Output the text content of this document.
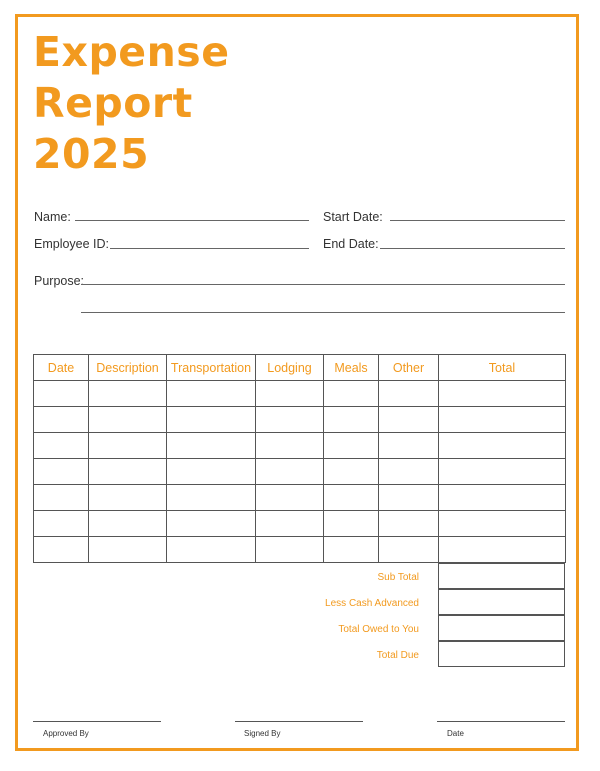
Expense
Report
2025
Name:	Start Date:
Employee ID:	End Date:
Purpose:
Date	Description	Transportation	Lodging	Meals	Other	Total

Sub Total
Less Cash Advanced
Total Owed to You
Total Due
Approved By	Signed By	Date
